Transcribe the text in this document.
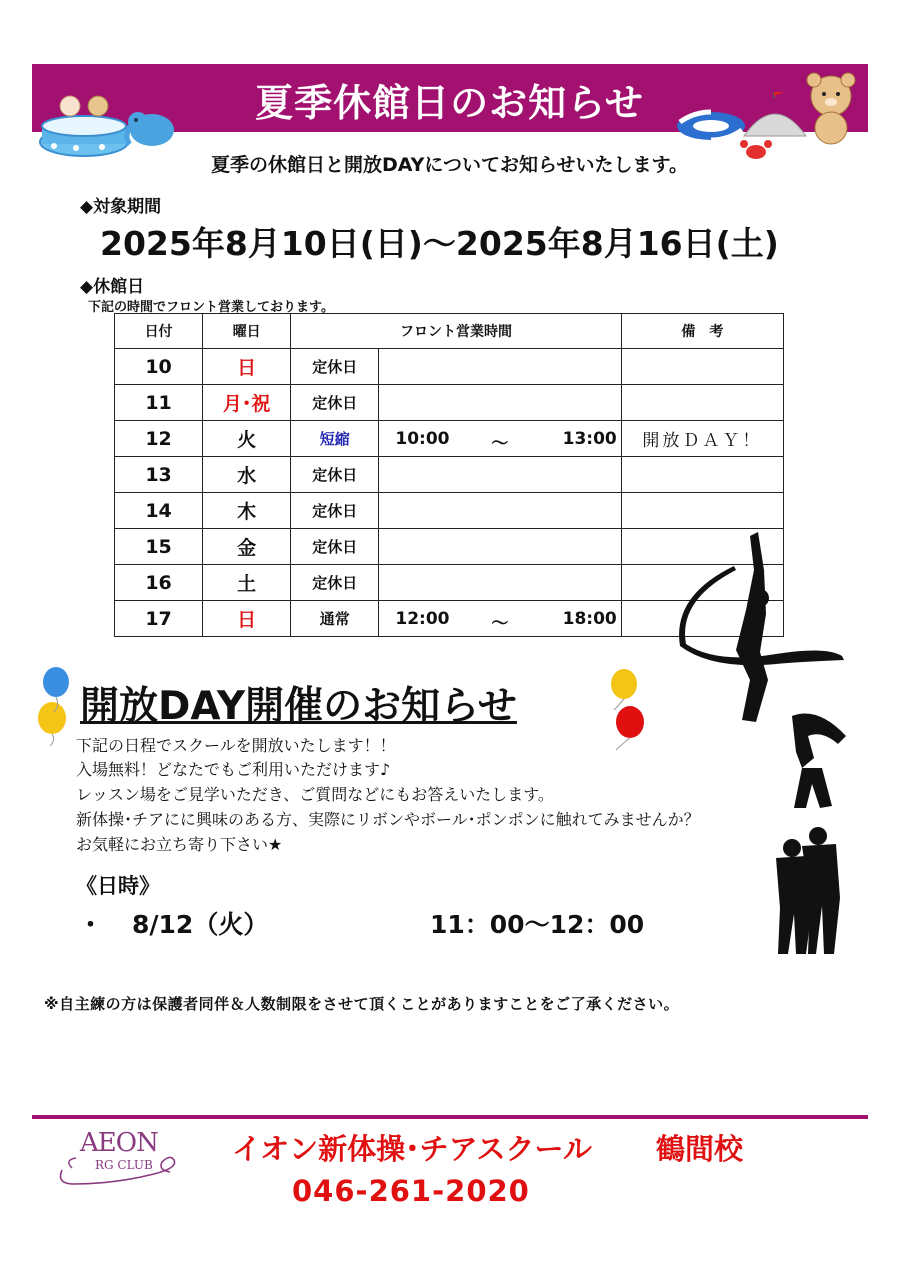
夏季休館日のお知らせ
夏季の休館日と開放DAYについてお知らせいたします。
◆対象期間
2025年8月10日(日)～2025年8月16日(土)
◆休館日
下記の時間でフロント営業しております。
日付	曜日	フロント営業時間		備　考
10	日	定休日		
11	月･祝	定休日		
12	火	短縮	10:00 ～ 13:00	開放ＤＡＹ！
13	水	定休日		
14	木	定休日		
15	金	定休日		
16	土	定休日		
17	日	通常	12:00 ～ 18:00	

開放DAY開催のお知らせ
下記の日程でスクールを開放いたします！！
入場無料！どなたでもご利用いただけます♪
レッスン場をご見学いただき、ご質問などにもお答えいたします。
新体操･チアにに興味のある方、実際にリボンやボール･ポンポンに触れてみませんか？
お気軽にお立ち寄り下さい★
《日時》
・ 8/12（火）	11：00～12：00
※自主練の方は保護者同伴＆人数制限をさせて頂くことがありますことをご了承ください。
AEON
RG CLUB	イオン新体操･チアスクール 鶴間校
046-261-2020
